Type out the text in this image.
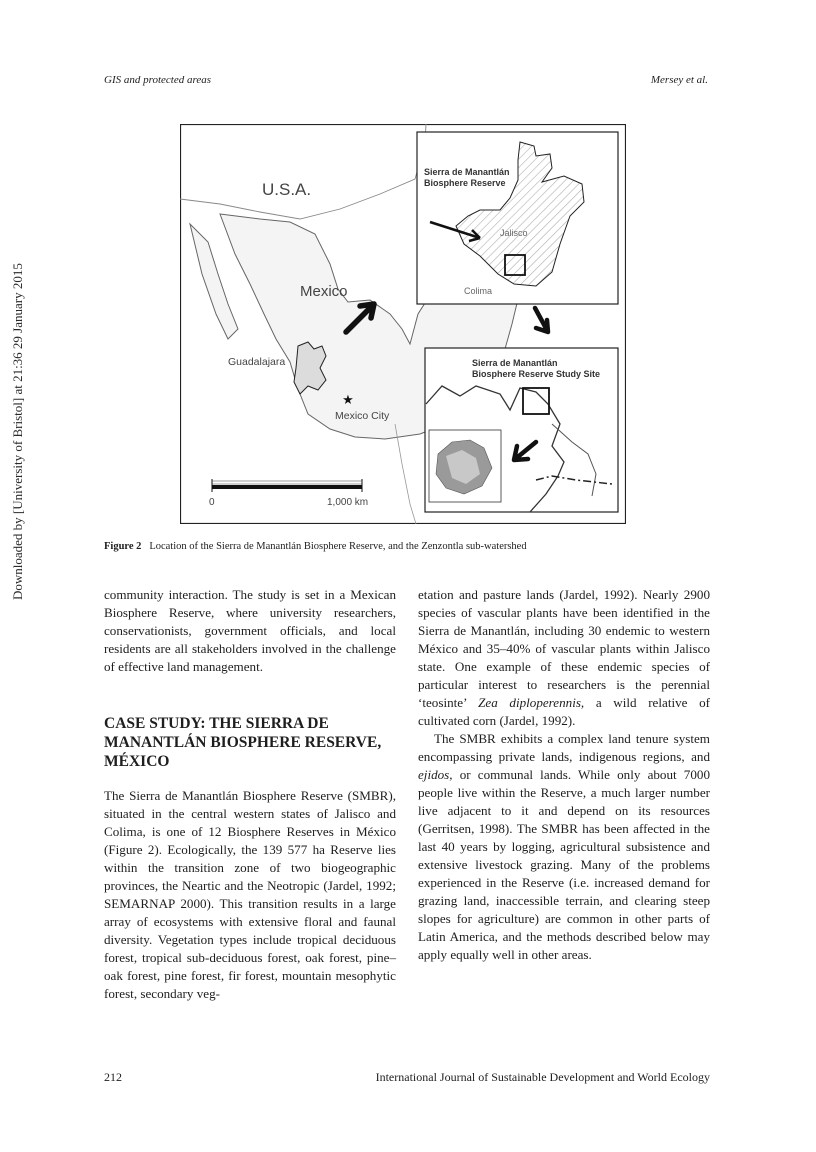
GIS and protected areas	Mersey et al.
Downloaded by [University of Bristol] at 21:36 29 January 2015
U.S.A.
Mexico
Guadalajara
Mexico City
★
0	1,000 km
Sierra de Manantlán
Biosphere Reserve
Jalisco
Colima
Sierra de Manantlán
Biosphere Reserve Study Site
Figure 2 Location of the Sierra de Manantlán Biosphere Reserve, and the Zenzontla sub-watershed

community interaction. The study is set in a Mexican Biosphere Reserve, where university researchers, conservationists, government officials, and local residents are all stakeholders involved in the challenge of effective land management.

CASE STUDY: THE SIERRA DE MANANTLÁN BIOSPHERE RESERVE, MÉXICO

The Sierra de Manantlán Biosphere Reserve (SMBR), situated in the central western states of Jalisco and Colima, is one of 12 Biosphere Reserves in México (Figure 2). Ecologically, the 139 577 ha Reserve lies within the transition zone of two biogeographic provinces, the Neartic and the Neotropic (Jardel, 1992; SEMARNAP 2000). This transition results in a large array of ecosystems with extensive floral and faunal diversity. Vegetation types include tropical deciduous forest, tropical sub-deciduous forest, oak forest, pine–oak forest, pine forest, fir forest, mountain mesophytic forest, secondary veg-

etation and pasture lands (Jardel, 1992). Nearly 2900 species of vascular plants have been identified in the Sierra de Manantlán, including 30 endemic to western México and 35–40% of vascular plants within Jalisco state. One example of these endemic species of particular interest to researchers is the perennial ‘teosinte’ Zea diploperennis, a wild relative of cultivated corn (Jardel, 1992).

The SMBR exhibits a complex land tenure system encompassing private lands, indigenous regions, and ejidos, or communal lands. While only about 7000 people live within the Reserve, a much larger number live adjacent to it and depend on its resources (Gerritsen, 1998). The SMBR has been affected in the last 40 years by logging, agricultural subsistence and extensive livestock grazing. Many of the problems experienced in the Reserve (i.e. increased demand for grazing land, inaccessible terrain, and clearing steep slopes for agriculture) are common in other parts of Latin America, and the methods described below may apply equally well in other areas.

212	International Journal of Sustainable Development and World Ecology
